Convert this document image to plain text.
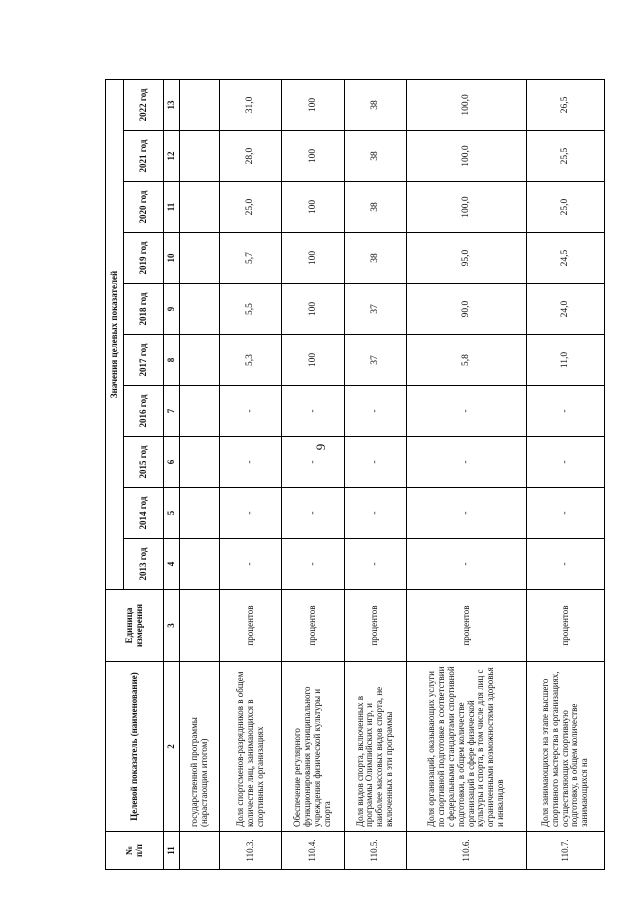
9
№
п/п	Целевой показатель (наименование)	Единица измерения	Значения целевых показателей									
			2013 год	2014 год	2015 год	2016 год	2017 год	2018 год	2019 год	2020 год	2021 год	2022 год
11	2	3	4	5	6	7	8	9	10	11	12	13
	государственной программы (нарастающим итогом)											
110.3.	Доля спортсменов-разрядников в общем количестве лиц, занимающихся в спортивных организациях	процентов	-	-	-	-	5,3	5,5	5,7	25,0	28,0	31,0
110.4.	Обеспечение регулярного функционирования муниципального учреждения физической культуры и спорта	процентов	-	-	-	-	100	100	100	100	100	100
110.5.	Доля видов спорта, включенных в программы Олимпийских игр, и наиболее массовых видов спорта, не включенных в эти программы	процентов	-	-	-	-	37	37	38	38	38	38
110.6.	Доля организаций, оказывающих услуги по спортивной подготовке в соответствии с федеральными стандартами спортивной подготовки, в общем количестве организаций в сфере физической культуры и спорта, в том числе для лиц с ограниченными возможностями здоровья и инвалидов	процентов	-	-	-	-	5,8	90,0	95,0	100,0	100,0	100,0
110.7.	Доля занимающихся на этапе высшего спортивного мастерства в организациях, осуществляющих спортивную подготовку, в общем количестве занимающихся на	процентов	-	-	-	-	11,0	24,0	24,5	25,0	25,5	26,5
